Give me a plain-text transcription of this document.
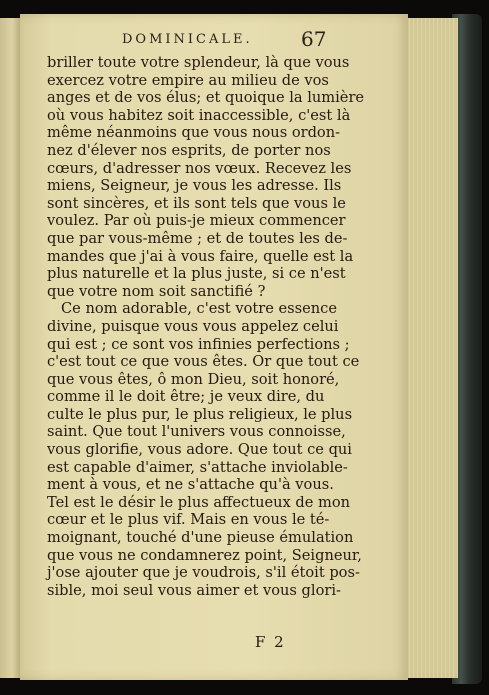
DOMINICALE. 67
briller toute votre splendeur, là que vous
exercez votre empire au milieu de vos
anges et de vos élus; et quoique la lumière
où vous habitez soit inaccessible, c'est là
même néanmoins que vous nous ordon-
nez d'élever nos esprits, de porter nos
cœurs, d'adresser nos vœux. Recevez les
miens, Seigneur, je vous les adresse. Ils
sont sincères, et ils sont tels que vous le
voulez. Par où puis-je mieux commencer
que par vous-même ; et de toutes les de-
mandes que j'ai à vous faire, quelle est la
plus naturelle et la plus juste, si ce n'est
que votre nom soit sanctifié ?
Ce nom adorable, c'est votre essence
divine, puisque vous vous appelez celui
qui est ; ce sont vos infinies perfections ;
c'est tout ce que vous êtes. Or que tout ce
que vous êtes, ô mon Dieu, soit honoré,
comme il le doit être; je veux dire, du
culte le plus pur, le plus religieux, le plus
saint. Que tout l'univers vous connoisse,
vous glorifie, vous adore. Que tout ce qui
est capable d'aimer, s'attache inviolable-
ment à vous, et ne s'attache qu'à vous.
Tel est le désir le plus affectueux de mon
cœur et le plus vif. Mais en vous le té-
moignant, touché d'une pieuse émulation
que vous ne condamnerez point, Seigneur,
j'ose ajouter que je voudrois, s'il étoit pos-
sible, moi seul vous aimer et vous glori-
F 2
